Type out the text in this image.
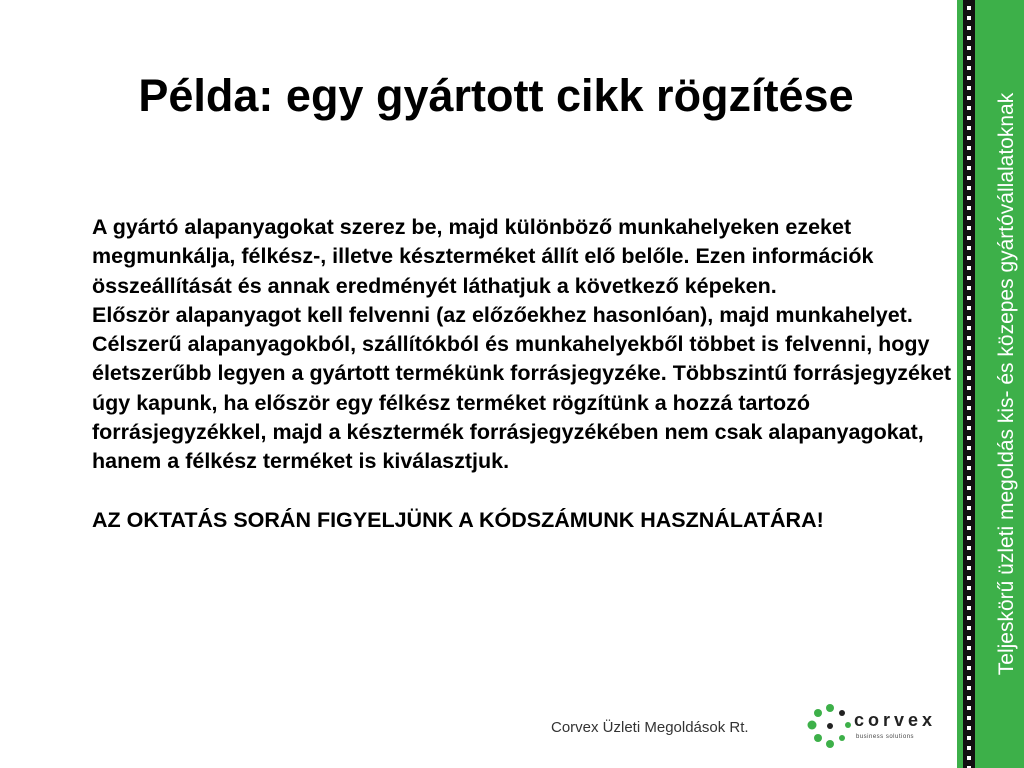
Példa: egy gyártott cikk rögzítése

A gyártó alapanyagokat szerez be, majd különböző munkahelyeken ezeket megmunkálja, félkész-, illetve készterméket állít elő belőle. Ezen információk összeállítását és annak eredményét láthatjuk a következő képeken.

Először alapanyagot kell felvenni (az előzőekhez hasonlóan), majd munkahelyet.

Célszerű alapanyagokból, szállítókból és munkahelyekből többet is felvenni, hogy életszerűbb legyen a gyártott termékünk forrásjegyzéke. Többszintű forrásjegyzéket úgy kapunk, ha először egy félkész terméket rögzítünk a hozzá tartozó forrásjegyzékkel, majd a késztermék forrásjegyzékében nem csak alapanyagokat, hanem a félkész terméket is kiválasztjuk.

AZ OKTATÁS SORÁN FIGYELJÜNK A KÓDSZÁMUNK HASZNÁLATÁRA!	Teljeskörű üzleti megoldás kis- és közepes gyártóvállalatoknak
Corvex Üzleti Megoldások Rt.	corvex
business solutions
